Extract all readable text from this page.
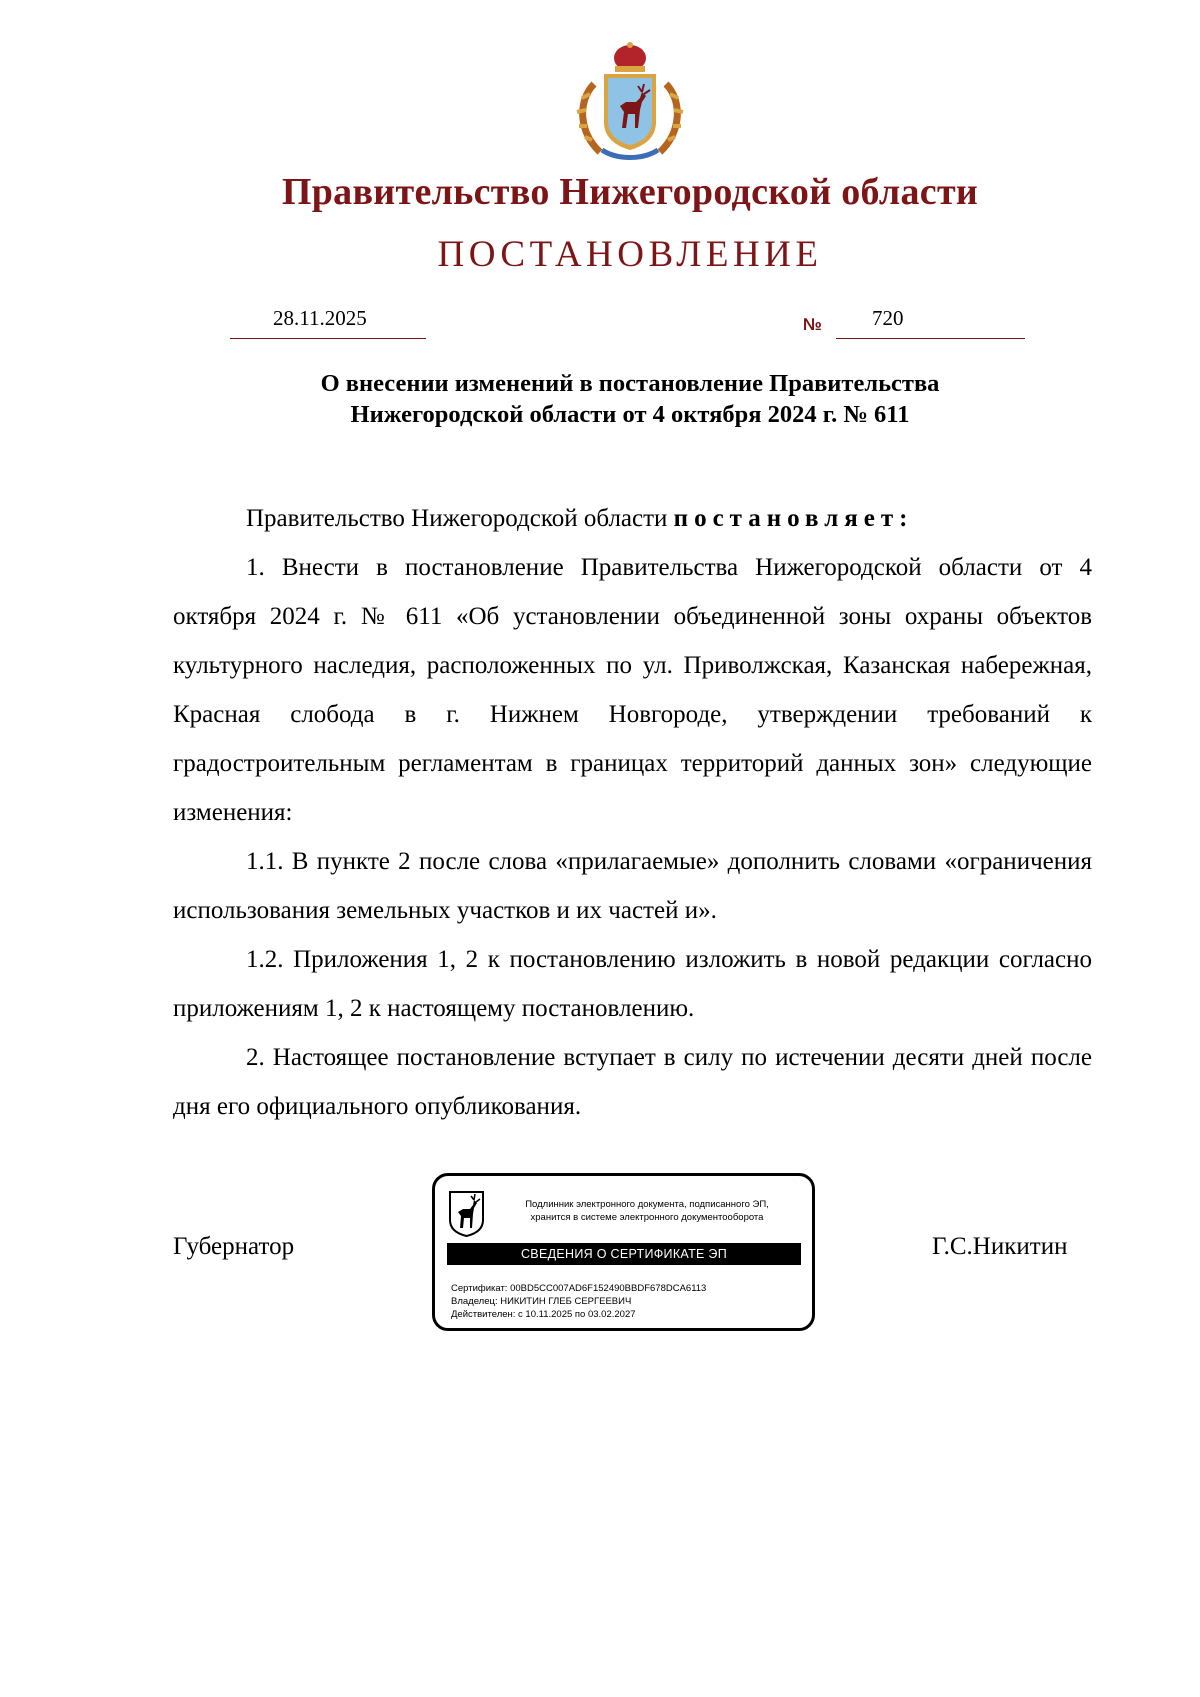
Правительство Нижегородской области
ПОСТАНОВЛЕНИЕ
28.11.2025	№ 720
О внесении изменений в постановление Правительства
Нижегородской области от 4 октября 2024 г. № 611

Правительство Нижегородской области постановляет:

1. Внести в постановление Правительства Нижегородской области от 4 октября 2024 г. № 611 «Об установлении объединенной зоны охраны объектов культурного наследия, расположенных по ул. Приволжская, Казанская набережная, Красная слобода в г. Нижнем Новгороде, утверждении требований к градостроительным регламентам в границах территорий данных зон» следующие изменения:

1.1. В пункте 2 после слова «прилагаемые» дополнить словами «ограничения использования земельных участков и их частей и».

1.2. Приложения 1, 2 к постановлению изложить в новой редакции согласно приложениям 1, 2 к настоящему постановлению.

2. Настоящее постановление вступает в силу по истечении десяти дней после дня его официального опубликования.

Губернатор	Г.С.Никитин
Подлинник электронного документа, подписанного ЭП,
хранится в системе электронного документооборота
СВЕДЕНИЯ О СЕРТИФИКАТЕ ЭП
Сертификат: 00BD5CC007AD6F152490BBDF678DCA6113
Владелец: НИКИТИН ГЛЕБ СЕРГЕЕВИЧ
Действителен: с 10.11.2025 по 03.02.2027
